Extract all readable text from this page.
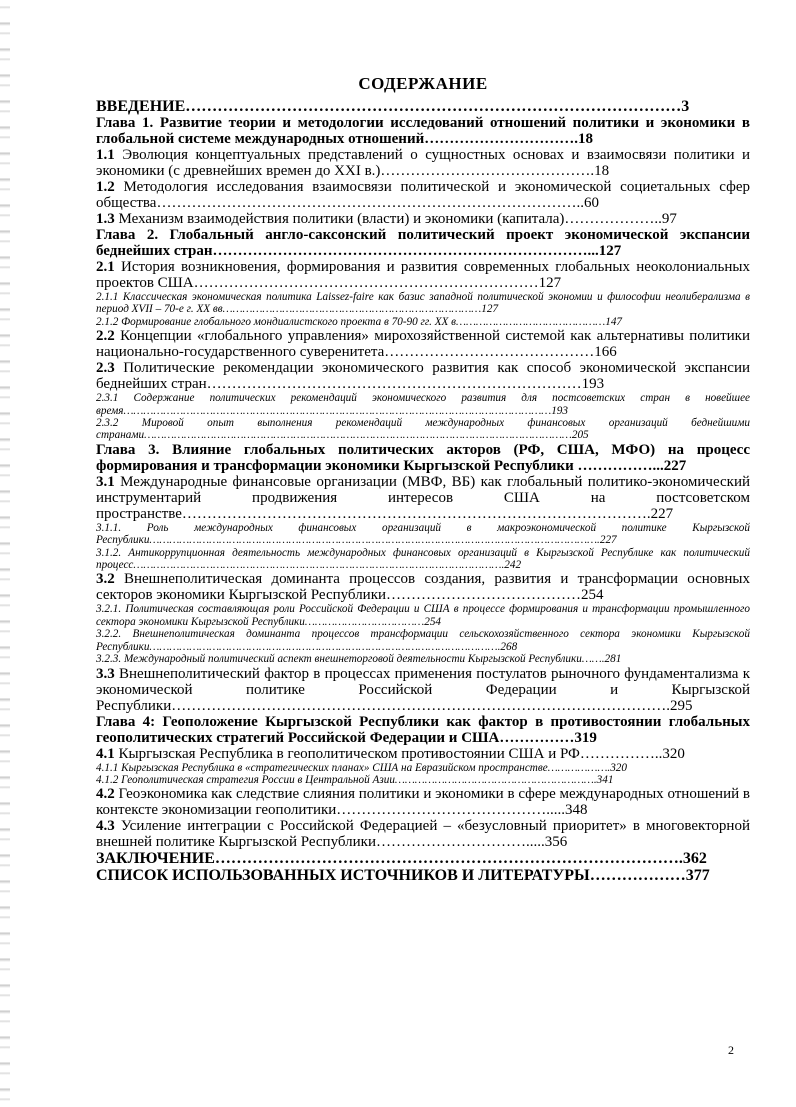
СОДЕРЖАНИЕ
ВВЕДЕНИЕ…………………………………………………………………………………3
Глава 1. Развитие теории и методологии исследований отношений политики и экономики в глобальной системе международных отношений………………………….18
1.1 Эволюция концептуальных представлений о сущностных основах и взаимосвязи политики и экономики (с древнейших времен до XXI в.)…………………………………….18
1.2 Методология исследования взаимосвязи политической и экономической социетальных сфер общества…………………………………………………………………………..60
1.3 Механизм взаимодействия политики (власти) и экономики (капитала)………………..97
Глава 2. Глобальный англо-саксонский политический проект экономической экспансии беднейших стран…………………………………………………………………...127
2.1 История возникновения, формирования и развития современных глобальных неоколониальных проектов США……………………………………………………………127
2.1.1 Классическая экономическая политика Laissez-faire как базис западной политической экономии и философии неолиберализма в период XVII – 70-е г. XX вв……………………………………………………………………127
2.1.2 Формирование глобального мондиалистского проекта в 70-90 гг. XX в………………………………………147
2.2 Концепции «глобального управления» мирохозяйственной системой как альтернативы политики национально-государственного суверенитета……………………………………166
2.3 Политические рекомендации экономического развития как способ экономической экспансии беднейших стран…………………………………………………………………193
2.3.1 Содержание политических рекомендаций экономического развития для постсоветских стран в новейшее время…………………………………………………………………………………………………………………193
2.3.2 Мировой опыт выполнения рекомендаций международных финансовых организаций беднейшими странами…………………………………………………………………………………………………………………205
Глава 3. Влияние глобальных политических акторов (РФ, США, МФО) на процесс формирования и трансформации экономики Кыргызской Республики ……………...227
3.1 Международные финансовые организации (МВФ, ВБ) как глобальный политико-экономический инструментарий продвижения интересов США на постсоветском пространстве………………………………………………………………………………….227
3.1.1. Роль международных финансовых организаций в макроэкономической политике Кыргызской Республики……………………………………………………………………………………………………………………….227
3.1.2. Антикоррупционная деятельность международных финансовых организаций в Кыргызской Республике как политический процесс………………………………………………………………………………………………….242
3.2 Внешнеполитическая доминанта процессов создания, развития и трансформации основных секторов экономики Кыргызской Республики…………………………………254
3.2.1. Политическая составляющая роли Российской Федерации и США в процессе формирования и трансформации промышленного сектора экономики Кыргызской Республики………………………………254
3.2.2. Внешнеполитическая доминанта процессов трансформации сельскохозяйственного сектора экономики Кыргызской Республики…………………………………………………………………………………………….268
3.2.3. Международный политический аспект внешнеторговой деятельности Кыргызской Республики…….281
3.3 Внешнеполитический фактор в процессах применения постулатов рыночного фундаментализма к экономической политике Российской Федерации и Кыргызской Республики……………………………………………………………………………………….295
Глава 4: Геоположение Кыргызской Республики как фактор в противостоянии глобальных геополитических стратегий Российской Федерации и США……………319
4.1 Кыргызская Республика в геополитическом противостоянии США и РФ……………..320
4.1.1 Кыргызская Республика в «стратегических планах» США на Евразийском пространстве……………….320
4.1.2 Геополитическая стратегия России в Центральной Азии…………………………………………………….341
4.2 Геоэкономика как следствие слияния политики и экономики в сфере международных отношений в контексте экономизации геополитики…………………………………….....348
4.3 Усиление интеграции с Российской Федерацией – «безусловный приоритет» в многовекторной внешней политике Кыргызской Республики………………………….....356
ЗАКЛЮЧЕНИЕ…………………………………………………………………………….362
СПИСОК ИСПОЛЬЗОВАННЫХ ИСТОЧНИКОВ И ЛИТЕРАТУРЫ………………377
2
